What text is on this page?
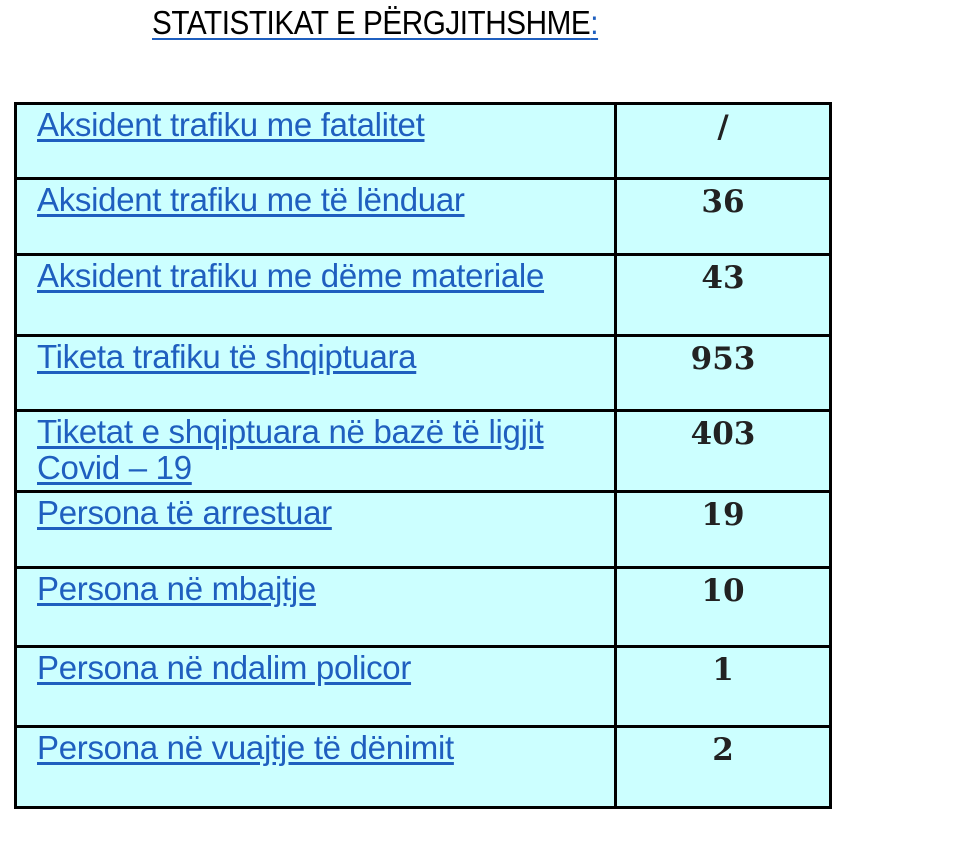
STATISTIKAT E PËRGJITHSHME:
Aksident trafiku me fatalitet	/
Aksident trafiku me të lënduar	36
Aksident trafiku me dëme materiale	43
Tiketa trafiku të shqiptuara	953
Tiketat e shqiptuara në bazë të ligjit Covid – 19	403
Persona të arrestuar	19
Persona në mbajtje	10
Persona në ndalim policor	1
Persona në vuajtje të dënimit	2
